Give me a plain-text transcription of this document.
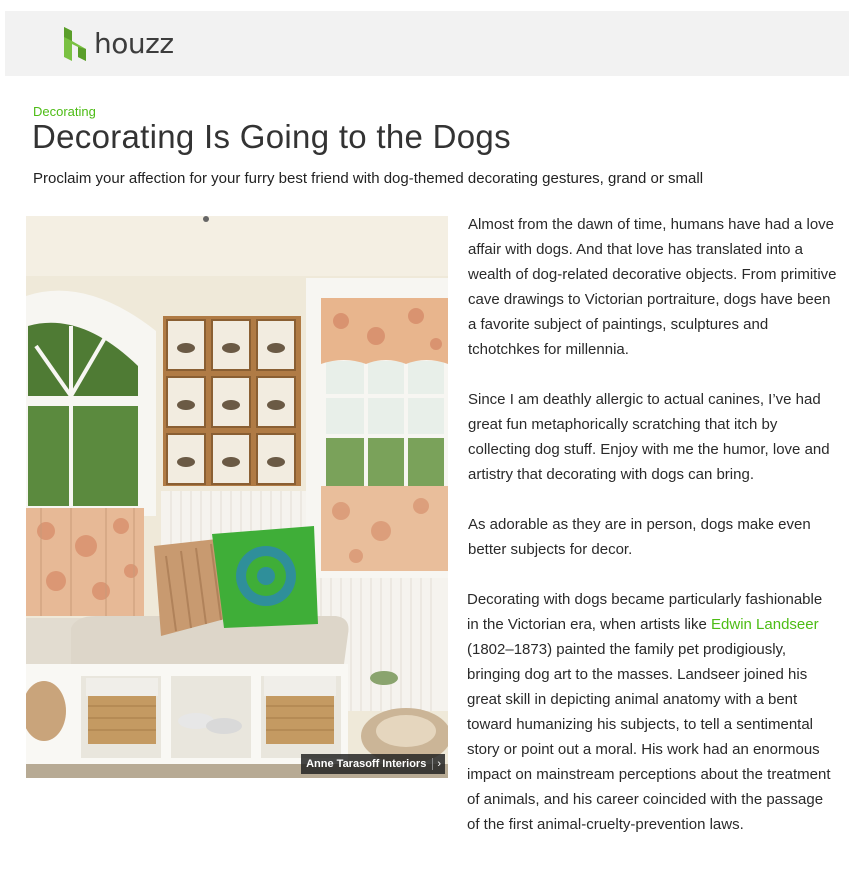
houzz
Decorating
Decorating Is Going to the Dogs
Proclaim your affection for your furry best friend with dog-themed decorating gestures, grand or small
Anne Tarasoff Interiors	›

Almost from the dawn of time, humans have had a love affair with dogs. And that love has translated into a wealth of dog-related decorative objects. From primitive cave drawings to Victorian portraiture, dogs have been a favorite subject of paintings, sculptures and tchotchkes for millennia.

Since I am deathly allergic to actual canines, I’ve had great fun metaphorically scratching that itch by collecting dog stuff. Enjoy with me the humor, love and artistry that decorating with dogs can bring.

As adorable as they are in person, dogs make even better subjects for decor.

Decorating with dogs became particularly fashionable in the Victorian era, when artists like Edwin Landseer (1802–1873) painted the family pet prodigiously, bringing dog art to the masses. Landseer joined his great skill in depicting animal anatomy with a bent toward humanizing his subjects, to tell a sentimental story or point out a moral. His work had an enormous impact on mainstream perceptions about the treatment of animals, and his career coincided with the passage of the first animal-cruelty-prevention laws.
